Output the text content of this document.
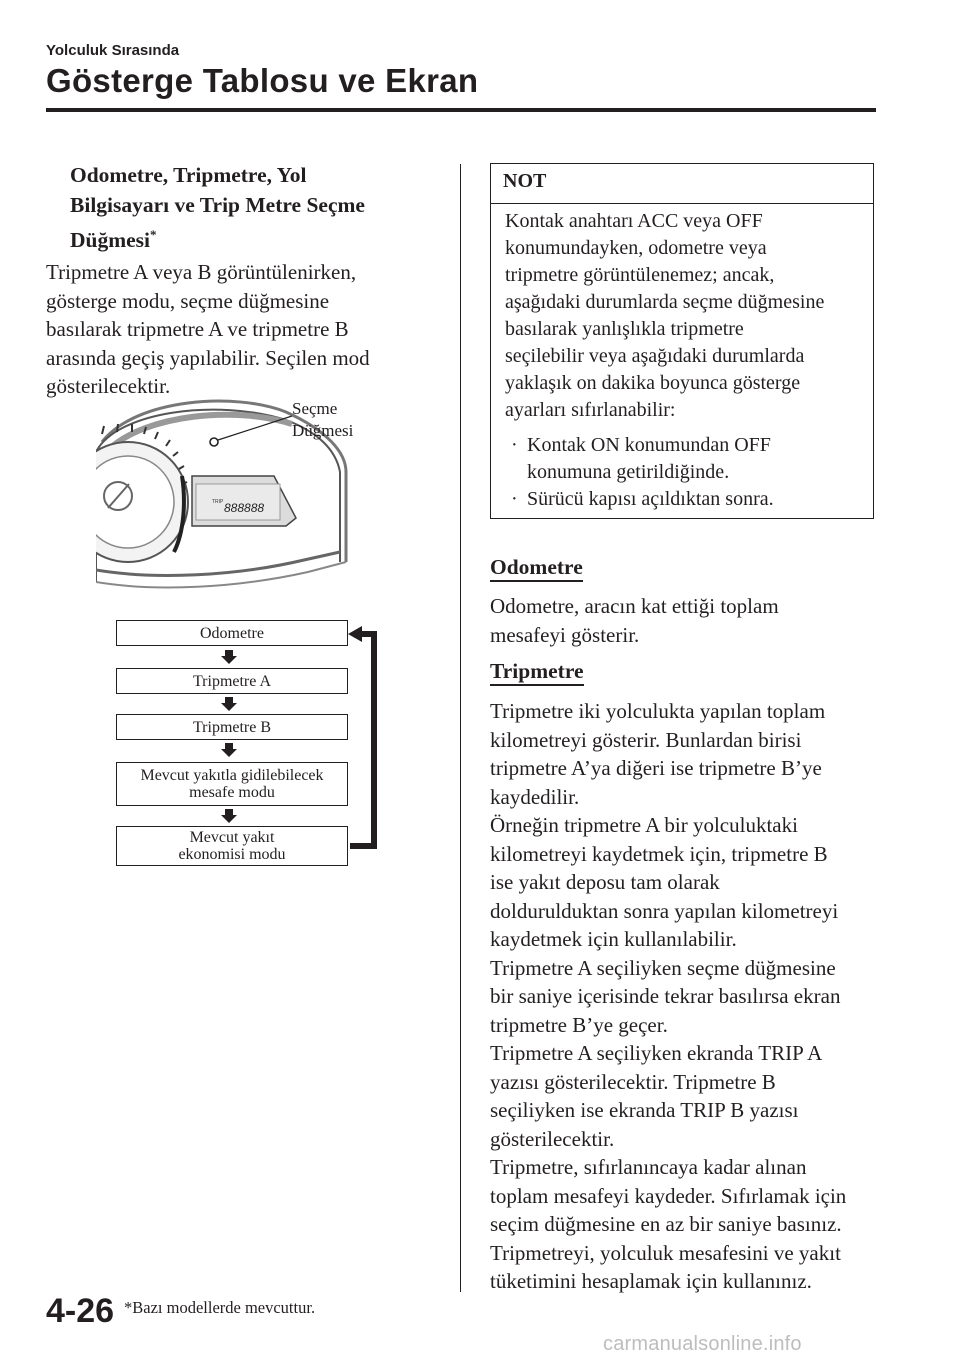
Yolculuk Sırasında
Gösterge Tablosu ve Ekran
Odometre, Tripmetre, Yol
Bilgisayarı ve Trip Metre Seçme
Düğmesi*
Tripmetre A veya B görüntülenirken,
gösterge modu, seçme düğmesine
basılarak tripmetre A ve tripmetre B
arasında geçiş yapılabilir. Seçilen mod
gösterilecektir.
TRIP 888888
Seçme
Düğmesi
Odometre
Tripmetre A
Tripmetre B
Mevcut yakıtla gidilebilecek
mesafe modu
Mevcut yakıt
ekonomisi modu
NOT
Kontak anahtarı ACC veya OFF
konumundayken, odometre veya
tripmetre görüntülenemez; ancak,
aşağıdaki durumlarda seçme düğmesine
basılarak yanlışlıkla tripmetre
seçilebilir veya aşağıdaki durumlarda
yaklaşık on dakika boyunca gösterge
ayarları sıfırlanabilir:
· Kontak ON konumundan OFF
konumuna getirildiğinde.
· Sürücü kapısı açıldıktan sonra.
Odometre
Odometre, aracın kat ettiği toplam
mesafeyi gösterir.
Tripmetre
Tripmetre iki yolculukta yapılan toplam
kilometreyi gösterir. Bunlardan birisi
tripmetre A’ya diğeri ise tripmetre B’ye
kaydedilir.
Örneğin tripmetre A bir yolculuktaki
kilometreyi kaydetmek için, tripmetre B
ise yakıt deposu tam olarak
doldurulduktan sonra yapılan kilometreyi
kaydetmek için kullanılabilir.
Tripmetre A seçiliyken seçme düğmesine
bir saniye içerisinde tekrar basılırsa ekran
tripmetre B’ye geçer.
Tripmetre A seçiliyken ekranda TRIP A
yazısı gösterilecektir. Tripmetre B
seçiliyken ise ekranda TRIP B yazısı
gösterilecektir.
Tripmetre, sıfırlanıncaya kadar alınan
toplam mesafeyi kaydeder. Sıfırlamak için
seçim düğmesine en az bir saniye basınız.
Tripmetreyi, yolculuk mesafesini ve yakıt
tüketimini hesaplamak için kullanınız.
4-26 *Bazı modellerde mevcuttur.
carmanualsonline.info
